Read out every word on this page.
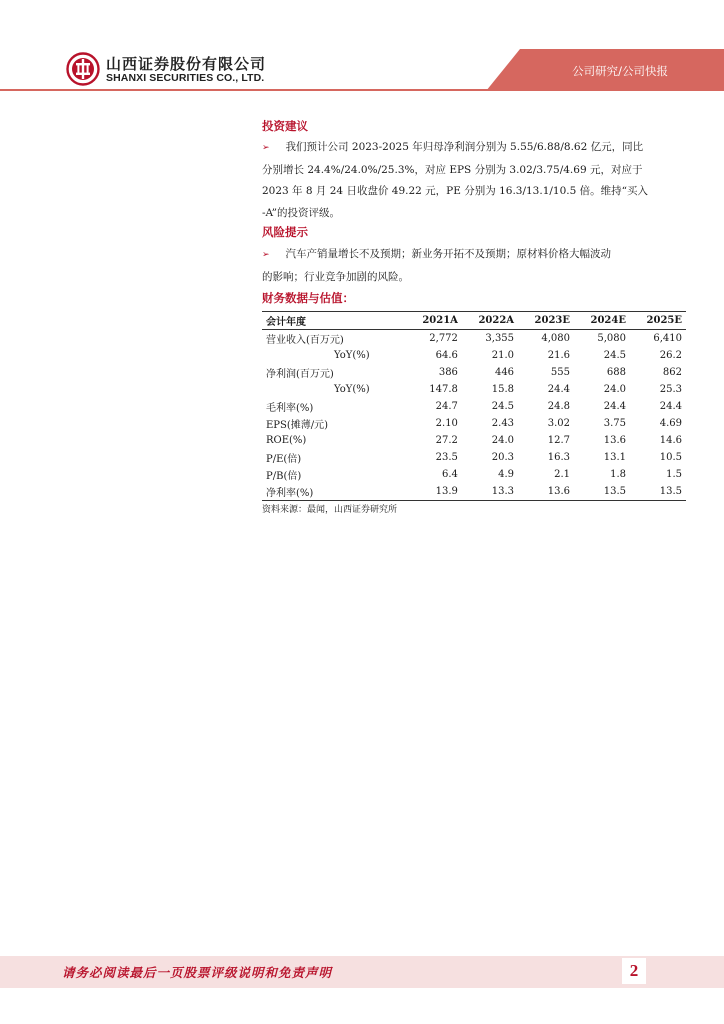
山西证券股份有限公司
SHANXI SECURITIES CO., LTD.	公司研究/公司快报
投资建议
➢ 我们预计公司 2023-2025 年归母净利润分别为 5.55/6.88/8.62 亿元，同比
分别增长 24.4%/24.0%/25.3%，对应 EPS 分别为 3.02/3.75/4.69 元，对应于
2023 年 8 月 24 日收盘价 49.22 元，PE 分别为 16.3/13.1/10.5 倍。维持“买入
-A”的投资评级。
风险提示
➢ 汽车产销量增长不及预期；新业务开拓不及预期；原材料价格大幅波动
的影响；行业竞争加剧的风险。
财务数据与估值：
会计年度	2021A	2022A	2023E	2024E	2025E
营业收入(百万元)	2,772	3,355	4,080	5,080	6,410
YoY(%)	64.6	21.0	21.6	24.5	26.2
净利润(百万元)	386	446	555	688	862
YoY(%)	147.8	15.8	24.4	24.0	25.3
毛利率(%)	24.7	24.5	24.8	24.4	24.4
EPS(摊薄/元)	2.10	2.43	3.02	3.75	4.69
ROE(%)	27.2	24.0	12.7	13.6	14.6
P/E(倍)	23.5	20.3	16.3	13.1	10.5
P/B(倍)	6.4	4.9	2.1	1.8	1.5
净利率(%)	13.9	13.3	13.6	13.5	13.5
资料来源：最闻，山西证券研究所
请务必阅读最后一页股票评级说明和免责声明	2
